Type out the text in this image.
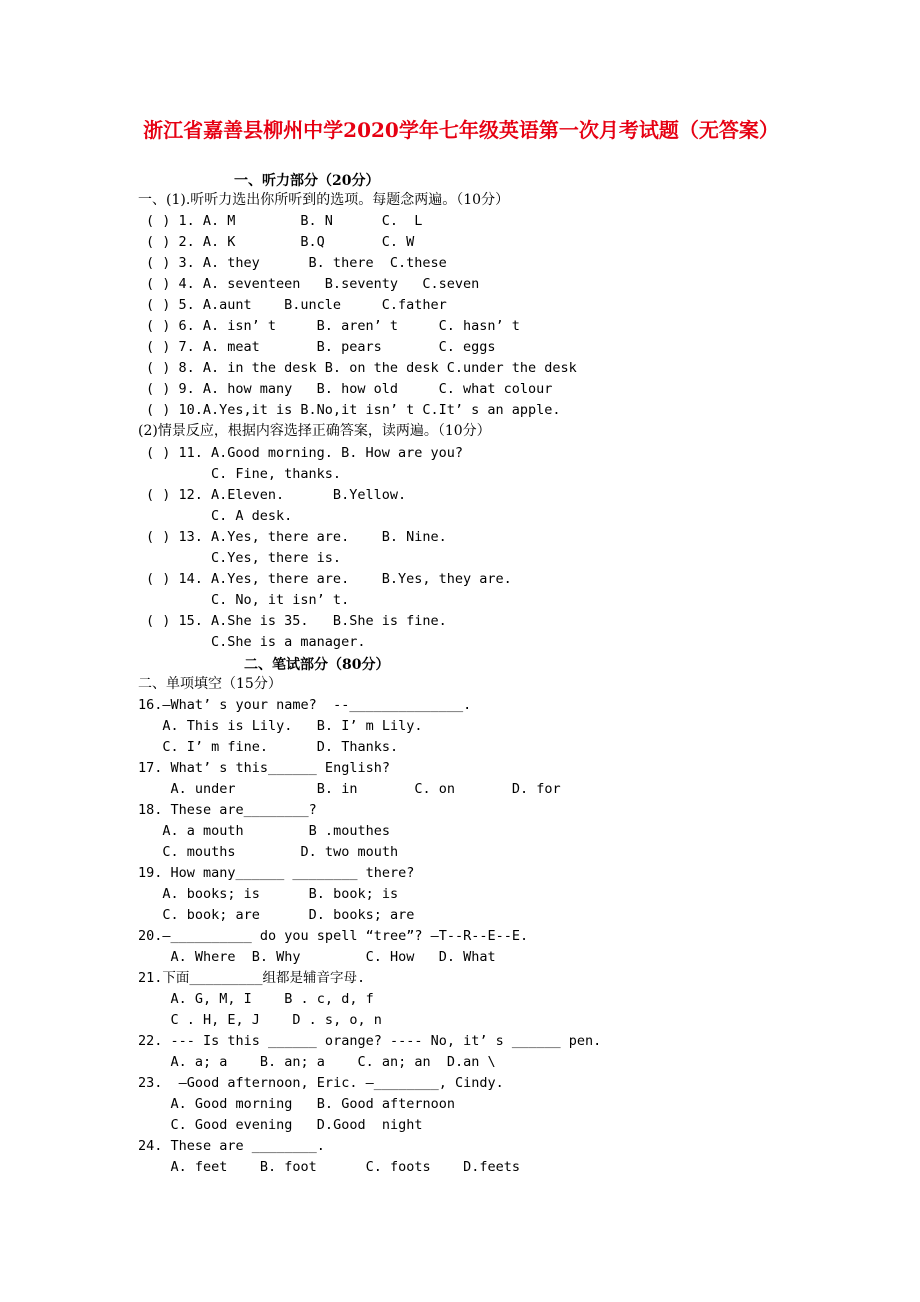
浙江省嘉善县柳州中学2020学年七年级英语第一次月考试题（无答案）
一、听力部分（20分）
一、(1).听听力选出你所听到的选项。每题念两遍。（10分）
( ) 1. A. M        B. N      C.  L
( ) 2. A. K        B.Q       C. W
( ) 3. A. they      B. there  C.these
( ) 4. A. seventeen   B.seventy   C.seven
( ) 5. A.aunt    B.uncle     C.father
( ) 6. A. isn’ t     B. aren’ t     C. hasn’ t
( ) 7. A. meat       B. pears       C. eggs
( ) 8. A. in the desk B. on the desk C.under the desk
( ) 9. A. how many   B. how old     C. what colour
( ) 10.A.Yes,it is B.No,it isn’ t C.It’ s an apple.
(2)情景反应，根据内容选择正确答案，读两遍。（10分）
( ) 11. A.Good morning. B. How are you?
C. Fine, thanks.
( ) 12. A.Eleven.      B.Yellow.
C. A desk.
( ) 13. A.Yes, there are.    B. Nine.
C.Yes, there is.
( ) 14. A.Yes, there are.    B.Yes, they are.
C. No, it isn’ t.
( ) 15. A.She is 35.   B.She is fine.
C.She is a manager.
二、笔试部分（80分）
二、单项填空（15分）
16.—What’ s your name?  --______________.
A. This is Lily.   B. I’ m Lily.
C. I’ m fine.      D. Thanks.
17. What’ s this______ English?
A. under          B. in       C. on       D. for
18. These are________?
A. a mouth        B .mouthes
C. mouths        D. two mouth
19. How many______ ________ there?
A. books; is      B. book; is
C. book; are      D. books; are
20.—__________ do you spell “tree”? —T--R--E--E.
A. Where  B. Why        C. How   D. What
21.下面_________组都是辅音字母.
A. G, M, I    B . c, d, f
C . H, E, J    D . s, o, n
22. --- Is this ______ orange? ---- No, it’ s ______ pen.
A. a; a    B. an; a    C. an; an  D.an \
23.  –Good afternoon, Eric. —________, Cindy.
A. Good morning   B. Good afternoon
C. Good evening   D.Good  night
24. These are ________.
A. feet    B. foot      C. foots    D.feets
